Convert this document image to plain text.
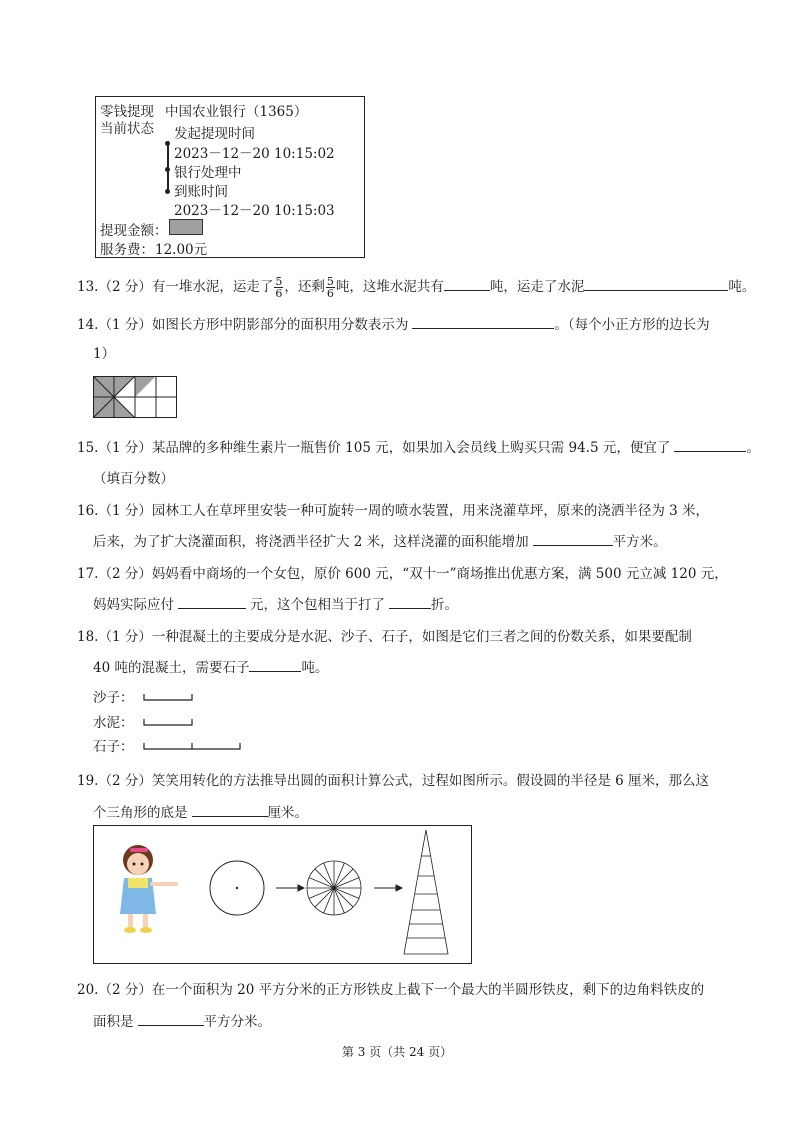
零钱提现
当前状态
中国农业银行（1365）
发起提现时间
2023－12－20 10:15:02
银行处理中
到账时间
2023－12－20 10:15:03
提现金额：
服务费： 12.00元
13.（2 分）有一堆水泥，运走了 $\frac{5}{6}$ ，还剩 $\frac{5}{6}$ 吨，这堆水泥共有	吨，运走了水泥	吨。
14.（1 分）如图长方形中阴影部分的面积用分数表示为	。（每个小正方形的边长为
1）
15.（1 分）某品牌的多种维生素片一瓶售价 105 元，如果加入会员线上购买只需 94.5 元，便宜了	。
（填百分数）
16.（1 分）园林工人在草坪里安装一种可旋转一周的喷水装置，用来浇灌草坪，原来的浇洒半径为 3 米，
后来，为了扩大浇灌面积，将浇洒半径扩大 2 米，这样浇灌的面积能增加	平方米。
17.（2 分）妈妈看中商场的一个女包，原价 600 元，“双十一”商场推出优惠方案，满 500 元立减 120 元，
妈妈实际应付	元，这个包相当于打了	折。
18.（1 分）一种混凝土的主要成分是水泥、沙子、石子，如图是它们三者之间的份数关系，如果要配制
40 吨的混凝土，需要石子	吨。
沙子：
水泥：
石子：
19.（2 分）笑笑用转化的方法推导出圆的面积计算公式，过程如图所示。假设圆的半径是 6 厘米，那么这
个三角形的底是	厘米。
20.（2 分）在一个面积为 20 平方分米的正方形铁皮上截下一个最大的半圆形铁皮，剩下的边角料铁皮的
面积是	平方分米。
第 3 页（共 24 页）
